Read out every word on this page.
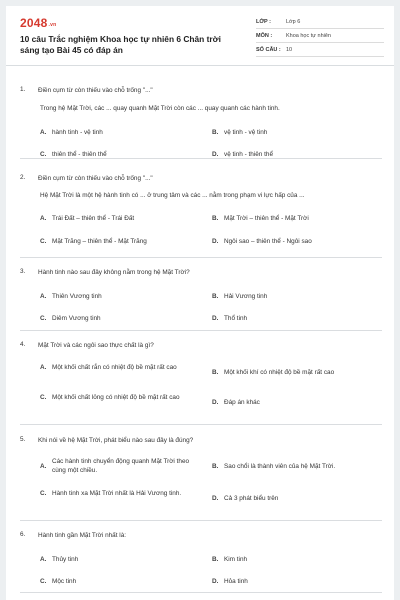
$2048^{.vn}$
10 câu Trắc nghiệm Khoa học tự nhiên 6 Chân trời sáng tạo Bài 45 có đáp án
LỚP :	Lớp 6
MÔN :	Khoa học tự nhiên
SỐ CÂU : 10
1.	Điền cụm từ còn thiếu vào chỗ trống "..."
Trong hệ Mặt Trời, các ... quay quanh Mặt Trời còn các ... quay quanh các hành tinh.
A. hành tinh - vệ tinh	B. vệ tinh - vệ tinh
C. thiên thể - thiên thể	D. vệ tinh - thiên thể
2.	Điền cụm từ còn thiếu vào chỗ trống "..."
Hệ Mặt Trời là một hệ hành tinh có ... ở trung tâm và các ... nằm trong phạm vi lực hấp của ...
A. Trái Đất – thiên thể - Trái Đất	B. Mặt Trời – thiên thể - Mặt Trời
C. Mặt Trăng – thiên thể - Mặt Trăng	D. Ngôi sao – thiên thể - Ngôi sao
3.	Hành tinh nào sau đây không nằm trong hệ Mặt Trời?
A. Thiên Vương tinh	B. Hải Vương tinh
C. Diêm Vương tinh	D. Thổ tinh
4.	Mặt Trời và các ngôi sao thực chất là gì?
A. Một khối chất rắn có nhiệt độ bề mặt rất cao
B. Một khối khí có nhiệt độ bề mặt rất cao
C. Một khối chất lỏng có nhiệt độ bề mặt rất cao
D. Đáp án khác
5.	Khi nói về hệ Mặt Trời, phát biểu nào sau đây là đúng?
A.
Các hành tinh chuyển động quanh Mặt Trời theo cùng một chiều.
B. Sao chổi là thành viên của hệ Mặt Trời.
C. Hành tinh xa Mặt Trời nhất là Hải Vương tinh.
D. Cả 3 phát biểu trên
6.	Hành tinh gần Mặt Trời nhất là:
A. Thủy tinh	B. Kim tinh
C. Mộc tinh	D. Hỏa tinh
